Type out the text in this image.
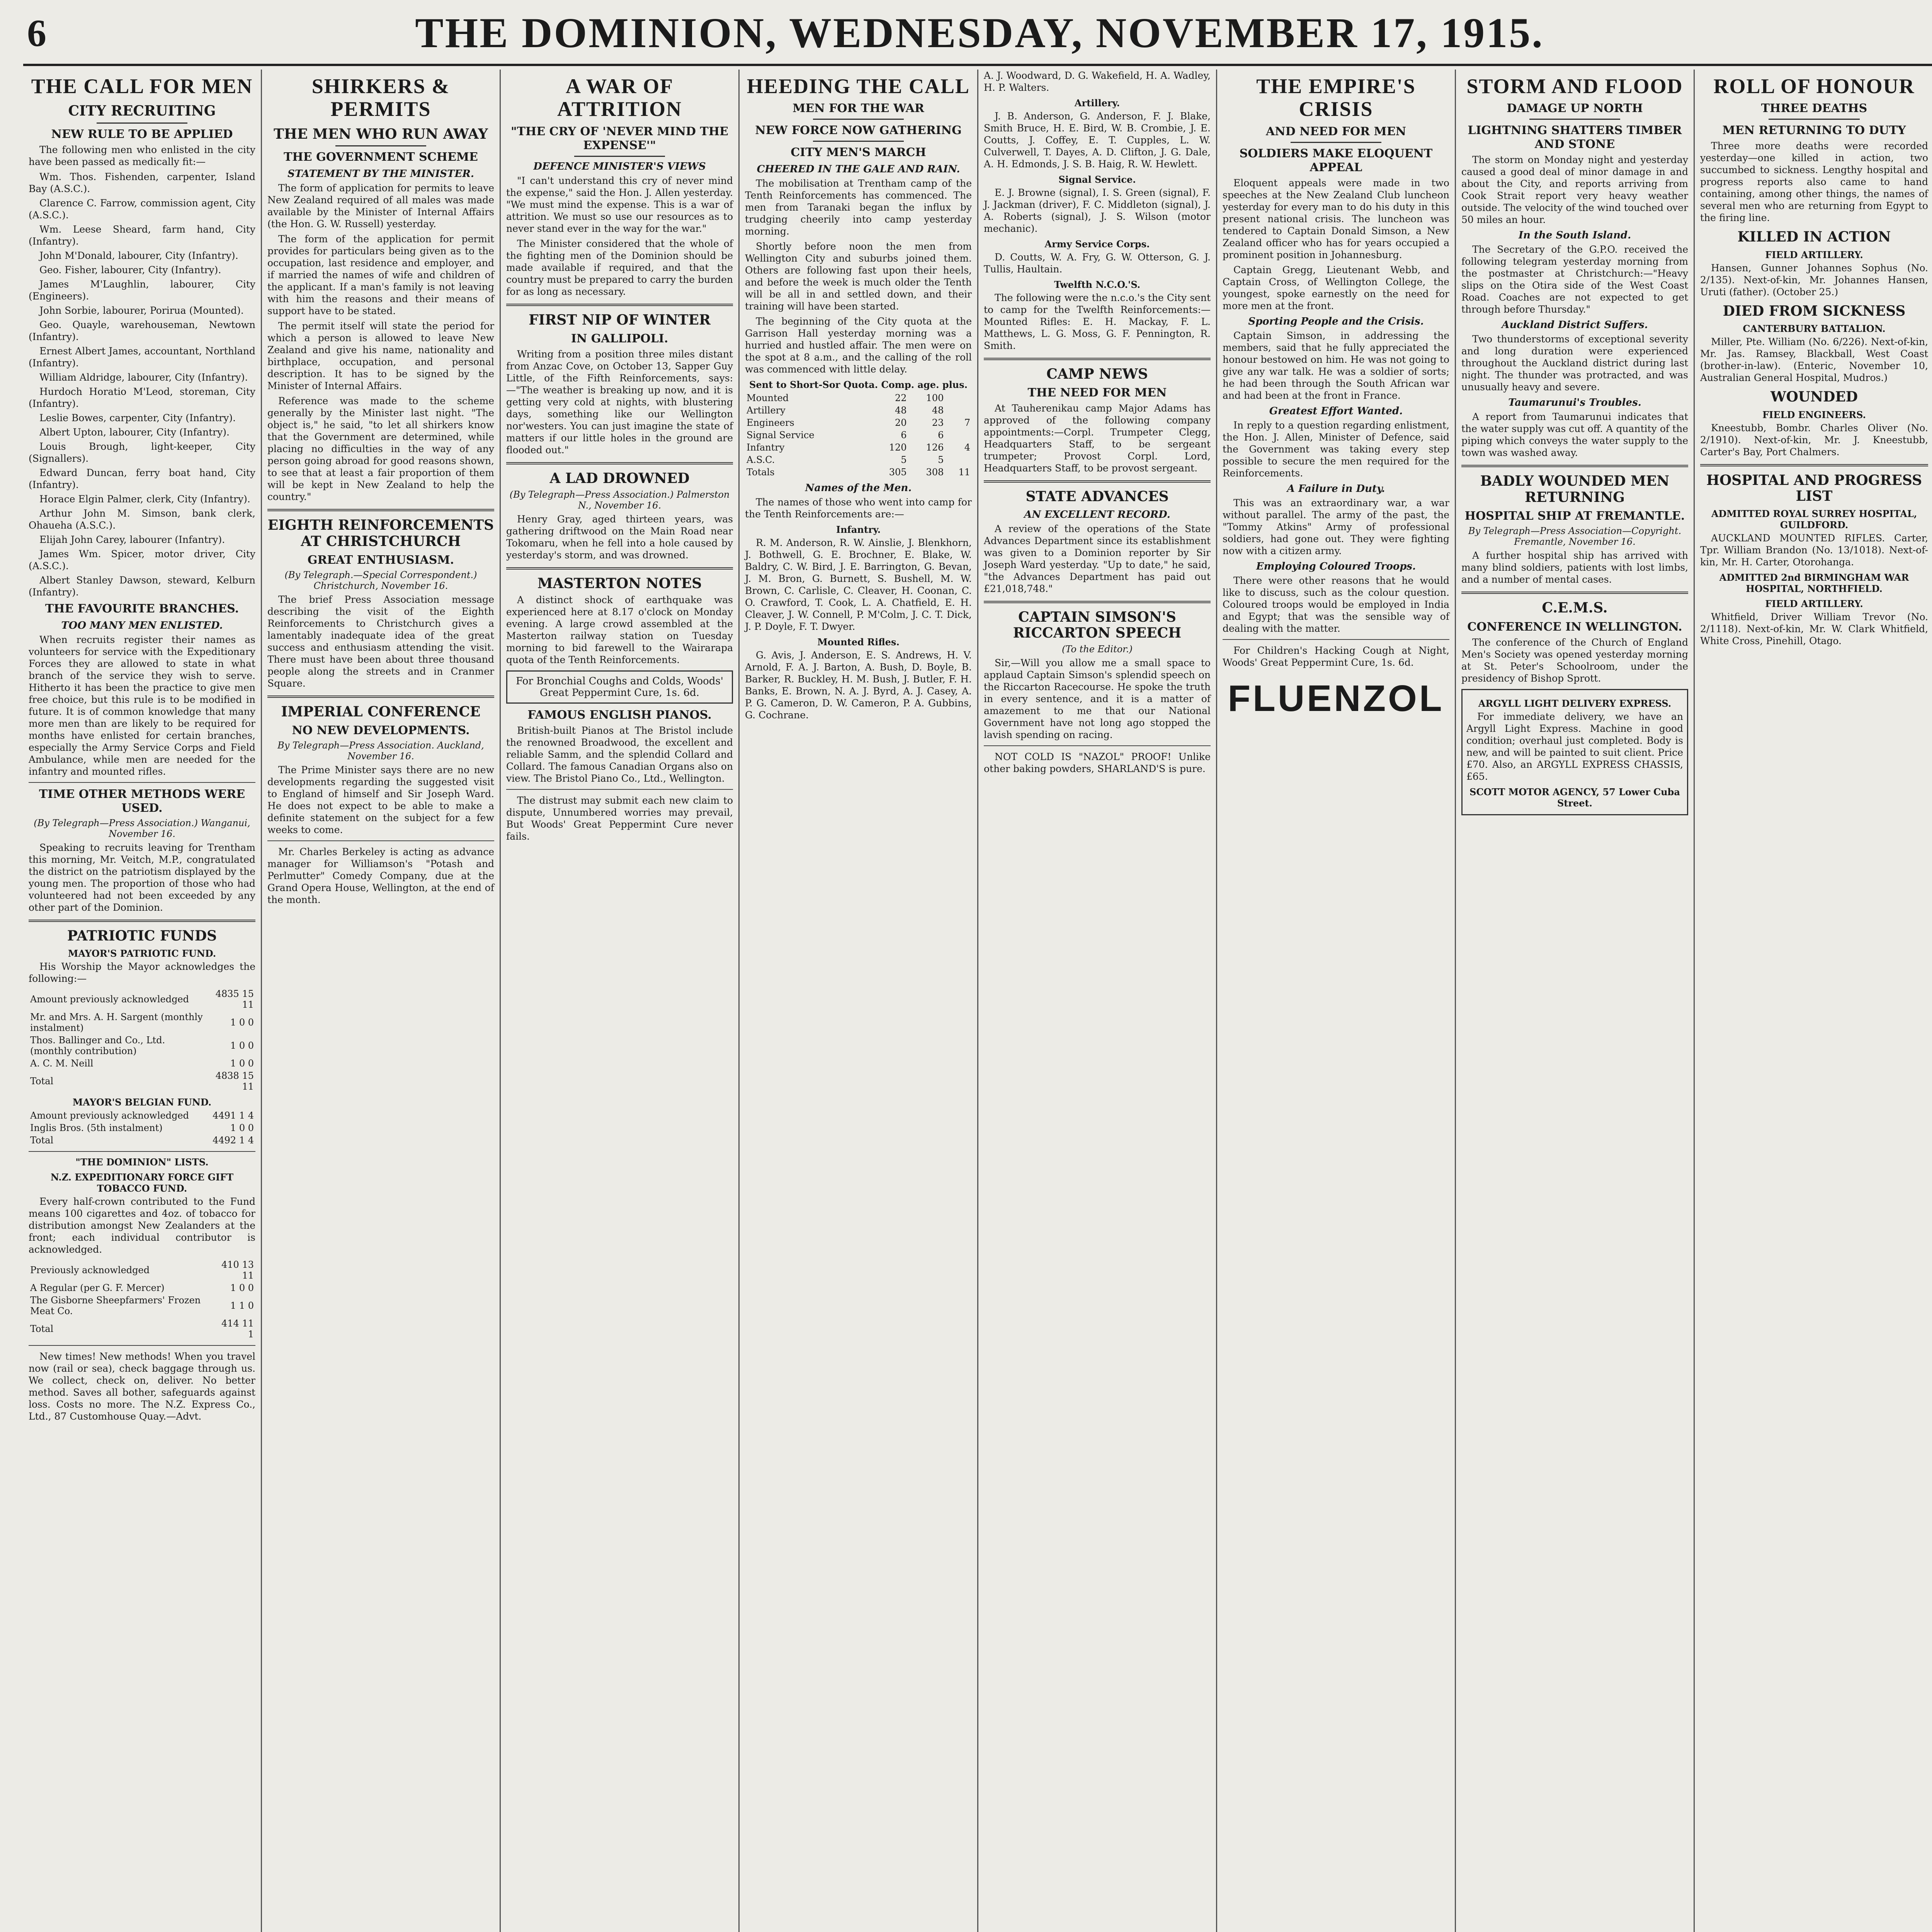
6	THE DOMINION, WEDNESDAY, NOVEMBER 17, 1915.
THE CALL FOR MEN
CITY RECRUITING
NEW RULE TO BE APPLIED

The following men who enlisted in the city have been passed as medically fit:—

Wm. Thos. Fishenden, carpenter, Island Bay (A.S.C.).

Clarence C. Farrow, commission agent, City (A.S.C.).

Wm. Leese Sheard, farm hand, City (Infantry).

John M'Donald, labourer, City (Infantry).

Geo. Fisher, labourer, City (Infantry).

James M'Laughlin, labourer, City (Engineers).

John Sorbie, labourer, Porirua (Mounted).

Geo. Quayle, warehouseman, Newtown (Infantry).

Ernest Albert James, accountant, Northland (Infantry).

William Aldridge, labourer, City (Infantry).

Hurdoch Horatio M'Leod, storeman, City (Infantry).

Leslie Bowes, carpenter, City (Infantry).

Albert Upton, labourer, City (Infantry).

Louis Brough, light-keeper, City (Signallers).

Edward Duncan, ferry boat hand, City (Infantry).

Horace Elgin Palmer, clerk, City (Infantry).

Arthur John M. Simson, bank clerk, Ohaueha (A.S.C.).

Elijah John Carey, labourer (Infantry).

James Wm. Spicer, motor driver, City (A.S.C.).

Albert Stanley Dawson, steward, Kelburn (Infantry).

THE FAVOURITE BRANCHES.
TOO MANY MEN ENLISTED.

When recruits register their names as volunteers for service with the Expeditionary Forces they are allowed to state in what branch of the service they wish to serve. Hitherto it has been the practice to give men free choice, but this rule is to be modified in future. It is of common knowledge that many more men than are likely to be required for months have enlisted for certain branches, especially the Army Service Corps and Field Ambulance, while men are needed for the infantry and mounted rifles.

TIME OTHER METHODS WERE USED.
(By Telegraph—Press Association.) Wanganui, November 16.

Speaking to recruits leaving for Trentham this morning, Mr. Veitch, M.P., congratulated the district on the patriotism displayed by the young men. The proportion of those who had volunteered had not been exceeded by any other part of the Dominion.

PATRIOTIC FUNDS
MAYOR'S PATRIOTIC FUND.

His Worship the Mayor acknowledges the following:—

Amount previously acknowledged	4835 15 11
Mr. and Mrs. A. H. Sargent (monthly instalment)	1 0 0
Thos. Ballinger and Co., Ltd. (monthly contribution)	1 0 0
A. C. M. Neill	1 0 0
Total	4838 15 11
MAYOR'S BELGIAN FUND.
Amount previously acknowledged	4491 1 4
Inglis Bros. (5th instalment)	1 0 0
Total	4492 1 4
"THE DOMINION" LISTS.
N.Z. EXPEDITIONARY FORCE GIFT TOBACCO FUND.

Every half-crown contributed to the Fund means 100 cigarettes and 4oz. of tobacco for distribution amongst New Zealanders at the front; each individual contributor is acknowledged.

Previously acknowledged	410 13 11
A Regular (per G. F. Mercer)	1 0 0
The Gisborne Sheepfarmers' Frozen Meat Co.	1 1 0
Total	414 11 1

New times! New methods! When you travel now (rail or sea), check baggage through us. We collect, check on, deliver. No better method. Saves all bother, safeguards against loss. Costs no more. The N.Z. Express Co., Ltd., 87 Customhouse Quay.—Advt.

SHIRKERS & PERMITS
THE MEN WHO RUN AWAY
THE GOVERNMENT SCHEME
STATEMENT BY THE MINISTER.

The form of application for permits to leave New Zealand required of all males was made available by the Minister of Internal Affairs (the Hon. G. W. Russell) yesterday.

The form of the application for permit provides for particulars being given as to the occupation, last residence and employer, and if married the names of wife and children of the applicant. If a man's family is not leaving with him the reasons and their means of support have to be stated.

The permit itself will state the period for which a person is allowed to leave New Zealand and give his name, nationality and birthplace, occupation, and personal description. It has to be signed by the Minister of Internal Affairs.

Reference was made to the scheme generally by the Minister last night. "The object is," he said, "to let all shirkers know that the Government are determined, while placing no difficulties in the way of any person going abroad for good reasons shown, to see that at least a fair proportion of them will be kept in New Zealand to help the country."

EIGHTH REINFORCEMENTS AT CHRISTCHURCH
GREAT ENTHUSIASM.
(By Telegraph.—Special Correspondent.) Christchurch, November 16.

The brief Press Association message describing the visit of the Eighth Reinforcements to Christchurch gives a lamentably inadequate idea of the great success and enthusiasm attending the visit. There must have been about three thousand people along the streets and in Cranmer Square.

IMPERIAL CONFERENCE
NO NEW DEVELOPMENTS.
By Telegraph—Press Association. Auckland, November 16.

The Prime Minister says there are no new developments regarding the suggested visit to England of himself and Sir Joseph Ward. He does not expect to be able to make a definite statement on the subject for a few weeks to come.

Mr. Charles Berkeley is acting as advance manager for Williamson's "Potash and Perlmutter" Comedy Company, due at the Grand Opera House, Wellington, at the end of the month.

A WAR OF ATTRITION
"THE CRY OF 'NEVER MIND THE EXPENSE'"
DEFENCE MINISTER'S VIEWS

"I can't understand this cry of never mind the expense," said the Hon. J. Allen yesterday. "We must mind the expense. This is a war of attrition. We must so use our resources as to never stand ever in the way for the war."

The Minister considered that the whole of the fighting men of the Dominion should be made available if required, and that the country must be prepared to carry the burden for as long as necessary.

FIRST NIP OF WINTER
IN GALLIPOLI.

Writing from a position three miles distant from Anzac Cove, on October 13, Sapper Guy Little, of the Fifth Reinforcements, says:—"The weather is breaking up now, and it is getting very cold at nights, with blustering days, something like our Wellington nor'westers. You can just imagine the state of matters if our little holes in the ground are flooded out."

A LAD DROWNED
(By Telegraph—Press Association.) Palmerston N., November 16.

Henry Gray, aged thirteen years, was gathering driftwood on the Main Road near Tokomaru, when he fell into a hole caused by yesterday's storm, and was drowned.

MASTERTON NOTES

A distinct shock of earthquake was experienced here at 8.17 o'clock on Monday evening. A large crowd assembled at the Masterton railway station on Tuesday morning to bid farewell to the Wairarapa quota of the Tenth Reinforcements.

For Bronchial Coughs and Colds, Woods' Great Peppermint Cure, 1s. 6d.
FAMOUS ENGLISH PIANOS.

British-built Pianos at The Bristol include the renowned Broadwood, the excellent and reliable Samm, and the splendid Collard and Collard. The famous Canadian Organs also on view. The Bristol Piano Co., Ltd., Wellington.

The distrust may submit each new claim to dispute, Unnumbered worries may prevail, But Woods' Great Peppermint Cure never fails.

HEEDING THE CALL
MEN FOR THE WAR
NEW FORCE NOW GATHERING
CITY MEN'S MARCH
CHEERED IN THE GALE AND RAIN.

The mobilisation at Trentham camp of the Tenth Reinforcements has commenced. The men from Taranaki began the influx by trudging cheerily into camp yesterday morning.

Shortly before noon the men from Wellington City and suburbs joined them. Others are following fast upon their heels, and before the week is much older the Tenth will be all in and settled down, and their training will have been started.

The beginning of the City quota at the Garrison Hall yesterday morning was a hurried and hustled affair. The men were on the spot at 8 a.m., and the calling of the roll was commenced with little delay.

Sent to Short-Sor Quota. Comp. age. plus.
Mounted	22	100	
Artillery	48	48	
Engineers	20	23	7
Signal Service	6	6	
Infantry	120	126	4
A.S.C.	5	5	
Totals	305	308	11
Names of the Men.

The names of those who went into camp for the Tenth Reinforcements are:—

Infantry.

R. M. Anderson, R. W. Ainslie, J. Blenkhorn, J. Bothwell, G. E. Brochner, E. Blake, W. Baldry, C. W. Bird, J. E. Barrington, G. Bevan, J. M. Bron, G. Burnett, S. Bushell, M. W. Brown, C. Carlisle, C. Cleaver, H. Coonan, C. O. Crawford, T. Cook, L. A. Chatfield, E. H. Cleaver, J. W. Connell, P. M'Colm, J. C. T. Dick, J. P. Doyle, F. T. Dwyer.

Mounted Rifles.

G. Avis, J. Anderson, E. S. Andrews, H. V. Arnold, F. A. J. Barton, A. Bush, D. Boyle, B. Barker, R. Buckley, H. M. Bush, J. Butler, F. H. Banks, E. Brown, N. A. J. Byrd, A. J. Casey, A. P. G. Cameron, D. W. Cameron, P. A. Gubbins, G. Cochrane.

A. J. Woodward, D. G. Wakefield, H. A. Wadley, H. P. Walters.

Artillery.

J. B. Anderson, G. Anderson, F. J. Blake, Smith Bruce, H. E. Bird, W. B. Crombie, J. E. Coutts, J. Coffey, E. T. Cupples, L. W. Culverwell, T. Dayes, A. D. Clifton, J. G. Dale, A. H. Edmonds, J. S. B. Haig, R. W. Hewlett.

Signal Service.

E. J. Browne (signal), I. S. Green (signal), F. J. Jackman (driver), F. C. Middleton (signal), J. A. Roberts (signal), J. S. Wilson (motor mechanic).

Army Service Corps.

D. Coutts, W. A. Fry, G. W. Otterson, G. J. Tullis, Haultain.

Twelfth N.C.O.'S.

The following were the n.c.o.'s the City sent to camp for the Twelfth Reinforcements:— Mounted Rifles: E. H. Mackay, F. L. Matthews, L. G. Moss, G. F. Pennington, R. Smith.

CAMP NEWS
THE NEED FOR MEN

At Tauherenikau camp Major Adams has approved of the following company appointments:—Corpl. Trumpeter Clegg, Headquarters Staff, to be sergeant trumpeter; Provost Corpl. Lord, Headquarters Staff, to be provost sergeant.

STATE ADVANCES
AN EXCELLENT RECORD.

A review of the operations of the State Advances Department since its establishment was given to a Dominion reporter by Sir Joseph Ward yesterday. "Up to date," he said, "the Advances Department has paid out £21,018,748."

CAPTAIN SIMSON'S RICCARTON SPEECH
(To the Editor.)

Sir,—Will you allow me a small space to applaud Captain Simson's splendid speech on the Riccarton Racecourse. He spoke the truth in every sentence, and it is a matter of amazement to me that our National Government have not long ago stopped the lavish spending on racing.

NOT COLD IS "NAZOL" PROOF! Unlike other baking powders, SHARLAND'S is pure.

THE EMPIRE'S CRISIS
AND NEED FOR MEN
SOLDIERS MAKE ELOQUENT APPEAL

Eloquent appeals were made in two speeches at the New Zealand Club luncheon yesterday for every man to do his duty in this present national crisis. The luncheon was tendered to Captain Donald Simson, a New Zealand officer who has for years occupied a prominent position in Johannesburg.

Captain Gregg, Lieutenant Webb, and Captain Cross, of Wellington College, the youngest, spoke earnestly on the need for more men at the front.

Sporting People and the Crisis.

Captain Simson, in addressing the members, said that he fully appreciated the honour bestowed on him. He was not going to give any war talk. He was a soldier of sorts; he had been through the South African war and had been at the front in France.

Greatest Effort Wanted.

In reply to a question regarding enlistment, the Hon. J. Allen, Minister of Defence, said the Government was taking every step possible to secure the men required for the Reinforcements.

A Failure in Duty.

This was an extraordinary war, a war without parallel. The army of the past, the "Tommy Atkins" Army of professional soldiers, had gone out. They were fighting now with a citizen army.

Employing Coloured Troops.

There were other reasons that he would like to discuss, such as the colour question. Coloured troops would be employed in India and Egypt; that was the sensible way of dealing with the matter.

For Children's Hacking Cough at Night, Woods' Great Peppermint Cure, 1s. 6d.

FLUENZOL
STORM AND FLOOD
DAMAGE UP NORTH
LIGHTNING SHATTERS TIMBER AND STONE

The storm on Monday night and yesterday caused a good deal of minor damage in and about the City, and reports arriving from Cook Strait report very heavy weather outside. The velocity of the wind touched over 50 miles an hour.

In the South Island.

The Secretary of the G.P.O. received the following telegram yesterday morning from the postmaster at Christchurch:—"Heavy slips on the Otira side of the West Coast Road. Coaches are not expected to get through before Thursday."

Auckland District Suffers.

Two thunderstorms of exceptional severity and long duration were experienced throughout the Auckland district during last night. The thunder was protracted, and was unusually heavy and severe.

Taumarunui's Troubles.

A report from Taumarunui indicates that the water supply was cut off. A quantity of the piping which conveys the water supply to the town was washed away.

BADLY WOUNDED MEN RETURNING
HOSPITAL SHIP AT FREMANTLE.
By Telegraph—Press Association—Copyright. Fremantle, November 16.

A further hospital ship has arrived with many blind soldiers, patients with lost limbs, and a number of mental cases.

C.E.M.S.
CONFERENCE IN WELLINGTON.

The conference of the Church of England Men's Society was opened yesterday morning at St. Peter's Schoolroom, under the presidency of Bishop Sprott.

ARGYLL LIGHT DELIVERY EXPRESS.

For immediate delivery, we have an Argyll Light Express. Machine in good condition; overhaul just completed. Body is new, and will be painted to suit client. Price £70. Also, an ARGYLL EXPRESS CHASSIS, £65.

SCOTT MOTOR AGENCY, 57 Lower Cuba Street.
ROLL OF HONOUR
THREE DEATHS
MEN RETURNING TO DUTY

Three more deaths were recorded yesterday—one killed in action, two succumbed to sickness. Lengthy hospital and progress reports also came to hand containing, among other things, the names of several men who are returning from Egypt to the firing line.

KILLED IN ACTION
FIELD ARTILLERY.

Hansen, Gunner Johannes Sophus (No. 2/135). Next-of-kin, Mr. Johannes Hansen, Uruti (father). (October 25.)

DIED FROM SICKNESS
CANTERBURY BATTALION.

Miller, Pte. William (No. 6/226). Next-of-kin, Mr. Jas. Ramsey, Blackball, West Coast (brother-in-law). (Enteric, November 10, Australian General Hospital, Mudros.)

WOUNDED
FIELD ENGINEERS.

Kneestubb, Bombr. Charles Oliver (No. 2/1910). Next-of-kin, Mr. J. Kneestubb, Carter's Bay, Port Chalmers.

HOSPITAL AND PROGRESS LIST
ADMITTED ROYAL SURREY HOSPITAL, GUILDFORD.

AUCKLAND MOUNTED RIFLES. Carter, Tpr. William Brandon (No. 13/1018). Next-of-kin, Mr. H. Carter, Otorohanga.

ADMITTED 2nd BIRMINGHAM WAR HOSPITAL, NORTHFIELD.
FIELD ARTILLERY.

Whitfield, Driver William Trevor (No. 2/1118). Next-of-kin, Mr. W. Clark Whitfield, White Cross, Pinehill, Otago.
